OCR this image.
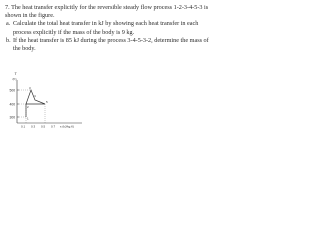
7. The heat transfer explicitly for the reversible steady flow process 1-2-3-4-5-3 is
shown in the figure.
a. Calculate the total heat transfer in kJ by showing each heat transfer in each
process explicitly if the mass of the body is 9 kg.
b. If the heat transfer is 85 kJ during the process 3-4-5-3-2, determine the mass of
the body.
T
(K)
500
400
300	1
2
3
4
5
0.1 0.3 0.5 0.7 s (kJ/kg.K)
